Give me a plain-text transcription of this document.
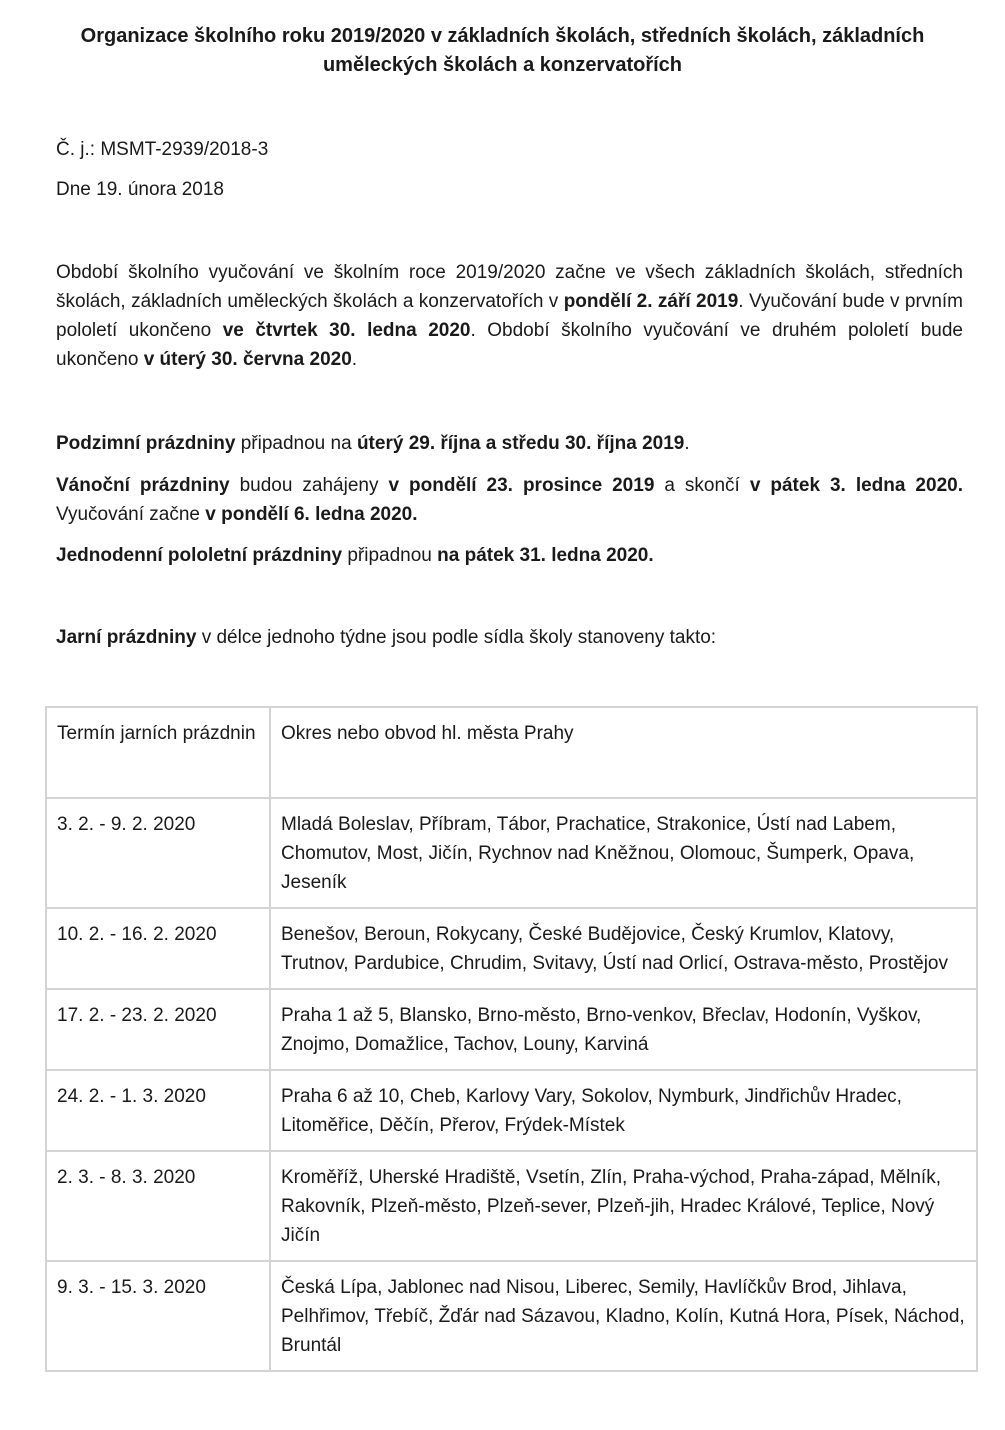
Organizace školního roku 2019/2020 v základních školách, středních školách, základních
uměleckých školách a konzervatořích
Č. j.: MSMT-2939/2018-3
Dne 19. února 2018
Období školního vyučování ve školním roce 2019/2020 začne ve všech základních školách, středních školách, základních uměleckých školách a konzervatořích v pondělí 2. září 2019. Vyučování bude v prvním pololetí ukončeno ve čtvrtek 30. ledna 2020. Období školního vyučování ve druhém pololetí bude ukončeno v úterý 30. června 2020.
Podzimní prázdniny připadnou na úterý 29. října a středu 30. října 2019.
Vánoční prázdniny budou zahájeny v pondělí 23. prosince 2019 a skončí v pátek 3. ledna 2020. Vyučování začne v pondělí 6. ledna 2020.
Jednodenní pololetní prázdniny připadnou na pátek 31. ledna 2020.
Jarní prázdniny v délce jednoho týdne jsou podle sídla školy stanoveny takto:
Termín jarních prázdnin	Okres nebo obvod hl. města Prahy
3. 2. - 9. 2. 2020	Mladá Boleslav, Příbram, Tábor, Prachatice, Strakonice, Ústí nad Labem, Chomutov, Most, Jičín, Rychnov nad Kněžnou, Olomouc, Šumperk, Opava, Jeseník
10. 2. - 16. 2. 2020	Benešov, Beroun, Rokycany, České Budějovice, Český Krumlov, Klatovy, Trutnov, Pardubice, Chrudim, Svitavy, Ústí nad Orlicí, Ostrava-město, Prostějov
17. 2. - 23. 2. 2020	Praha 1 až 5, Blansko, Brno-město, Brno-venkov, Břeclav, Hodonín, Vyškov, Znojmo, Domažlice, Tachov, Louny, Karviná
24. 2. - 1. 3. 2020	Praha 6 až 10, Cheb, Karlovy Vary, Sokolov, Nymburk, Jindřichův Hradec, Litoměřice, Děčín, Přerov, Frýdek-Místek
2. 3. - 8. 3. 2020	Kroměříž, Uherské Hradiště, Vsetín, Zlín, Praha-východ, Praha-západ, Mělník, Rakovník, Plzeň-město, Plzeň-sever, Plzeň-jih, Hradec Králové, Teplice, Nový Jičín
9. 3. - 15. 3. 2020	Česká Lípa, Jablonec nad Nisou, Liberec, Semily, Havlíčkův Brod, Jihlava, Pelhřimov, Třebíč, Žďár nad Sázavou, Kladno, Kolín, Kutná Hora, Písek, Náchod, Bruntál
